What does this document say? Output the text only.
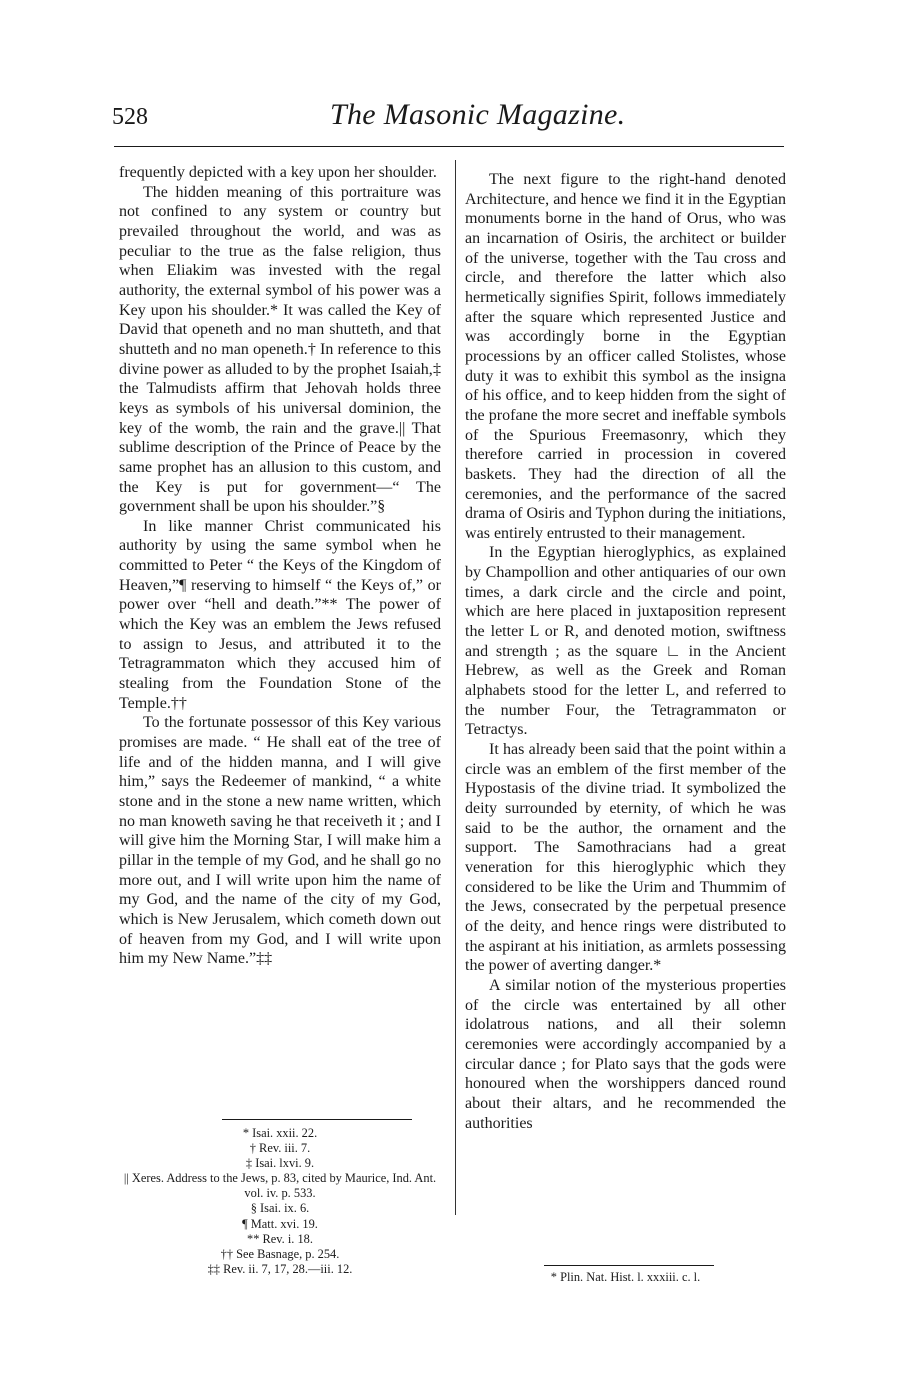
528	The Masonic Magazine.

frequently depicted with a key upon her shoulder.

The hidden meaning of this portraiture was not confined to any system or country but prevailed throughout the world, and was as peculiar to the true as the false religion, thus when Eliakim was invested with the regal authority, the external symbol of his power was a Key upon his shoulder.* It was called the Key of David that openeth and no man shutteth, and that shutteth and no man openeth.† In reference to this divine power as alluded to by the prophet Isaiah,‡ the Talmudists affirm that Jehovah holds three keys as symbols of his universal dominion, the key of the womb, the rain and the grave.|| That sublime description of the Prince of Peace by the same prophet has an allusion to this custom, and the Key is put for government—“ The government shall be upon his shoulder.”§

In like manner Christ communicated his authority by using the same symbol when he committed to Peter “ the Keys of the Kingdom of Heaven,”¶ reserving to himself “ the Keys of,” or power over “hell and death.”** The power of which the Key was an emblem the Jews refused to assign to Jesus, and attributed it to the Tetragrammaton which they accused him of stealing from the Foundation Stone of the Temple.††

To the fortunate possessor of this Key various promises are made. “ He shall eat of the tree of life and of the hidden manna, and I will give him,” says the Redeemer of mankind, “ a white stone and in the stone a new name written, which no man knoweth saving he that receiveth it ; and I will give him the Morning Star, I will make him a pillar in the temple of my God, and he shall go no more out, and I will write upon him the name of my God, and the name of the city of my God, which is New Jerusalem, which cometh down out of heaven from my God, and I will write upon him my New Name.”‡‡

* Isai. xxii. 22.

† Rev. iii. 7.

‡ Isai. lxvi. 9.

|| Xeres. Address to the Jews, p. 83, cited by Maurice, Ind. Ant. vol. iv. p. 533.

§ Isai. ix. 6.

¶ Matt. xvi. 19.

** Rev. i. 18.

†† See Basnage, p. 254.

‡‡ Rev. ii. 7, 17, 28.—iii. 12.

The next figure to the right-hand denoted Architecture, and hence we find it in the Egyptian monuments borne in the hand of Orus, who was an incarnation of Osiris, the architect or builder of the universe, together with the Tau cross and circle, and therefore the latter which also hermetically signifies Spirit, follows immediately after the square which represented Justice and was accordingly borne in the Egyptian processions by an officer called Stolistes, whose duty it was to exhibit this symbol as the insigna of his office, and to keep hidden from the sight of the profane the more secret and ineffable symbols of the Spurious Freemasonry, which they therefore carried in procession in covered baskets. They had the direction of all the ceremonies, and the performance of the sacred drama of Osiris and Typhon during the initiations, was entirely entrusted to their management.

In the Egyptian hieroglyphics, as explained by Champollion and other antiquaries of our own times, a dark circle and the circle and point, which are here placed in juxtaposition represent the letter L or R, and denoted motion, swiftness and strength ; as the square ∟ in the Ancient Hebrew, as well as the Greek and Roman alphabets stood for the letter L, and referred to the number Four, the Tetragrammaton or Tetractys.

It has already been said that the point within a circle was an emblem of the first member of the Hypostasis of the divine triad. It symbolized the deity surrounded by eternity, of which he was said to be the author, the ornament and the support. The Samothracians had a great veneration for this hieroglyphic which they considered to be like the Urim and Thummim of the Jews, consecrated by the perpetual presence of the deity, and hence rings were distributed to the aspirant at his initiation, as armlets possessing the power of averting danger.*

A similar notion of the mysterious properties of the circle was entertained by all other idolatrous nations, and all their solemn ceremonies were accordingly accompanied by a circular dance ; for Plato says that the gods were honoured when the worshippers danced round about their altars, and he recommended the authorities

* Plin. Nat. Hist. l. xxxiii. c. l.
